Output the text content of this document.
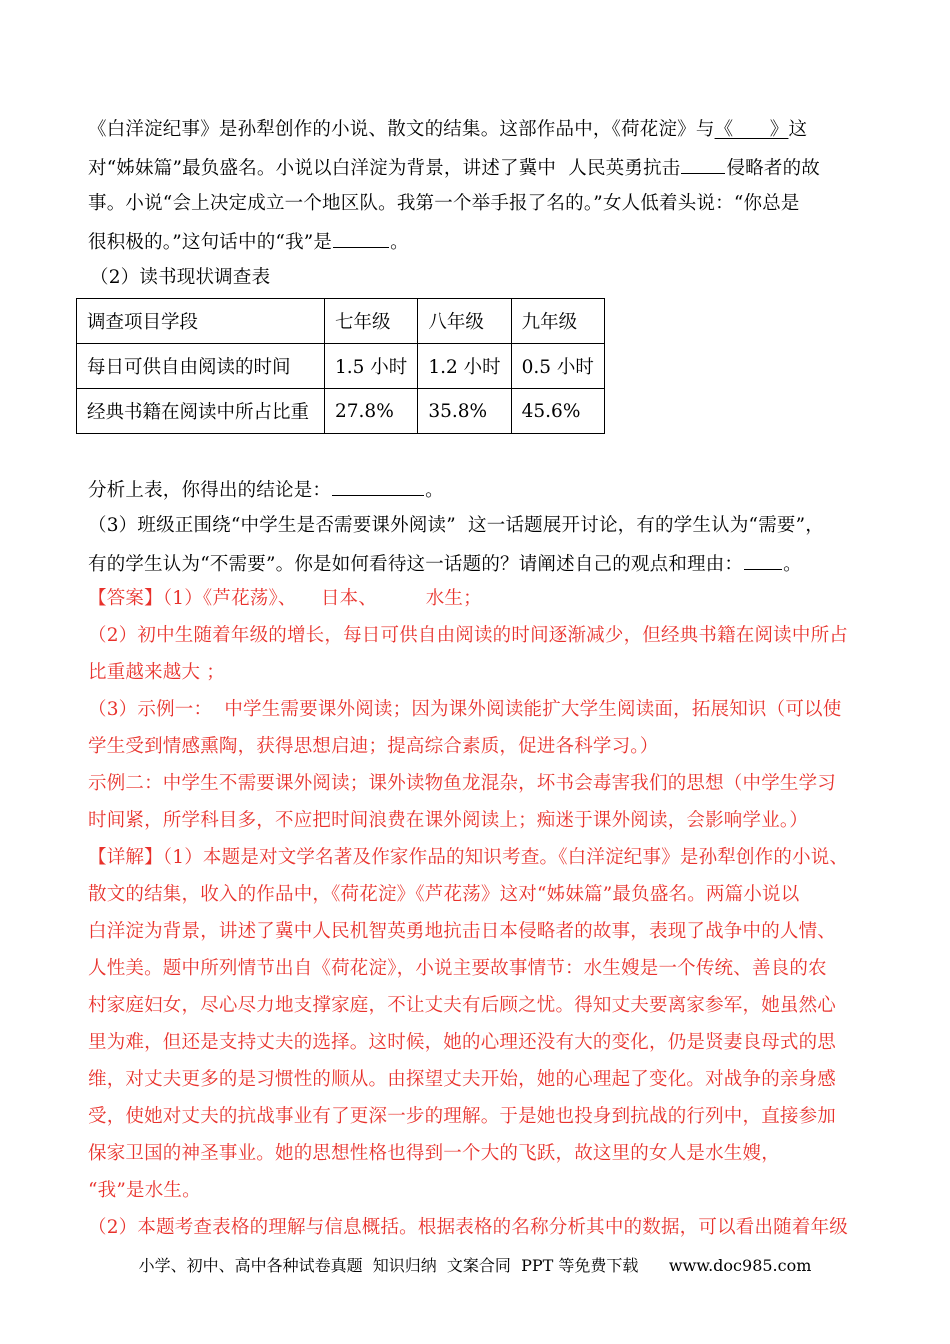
《白洋淀纪事》是孙犁创作的小说、散文的结集。这部作品中，《荷花淀》与《      》这
对“姊妹篇”最负盛名。小说以白洋淀为背景，讲述了冀中  人民英勇抗击 侵略者的故
事。小说“会上决定成立一个地区队。我第一个举手报了名的。”女人低着头说：“你总是
很积极的。”这句话中的“我”是	。
（2）读书现状调查表
调查项目学段	七年级	八年级	九年级
每日可供自由阅读的时间	1.5 小时	1.2 小时	0.5 小时
经典书籍在阅读中所占比重	27.8%	35.8%	45.6%
分析上表，你得出的结论是：	。
（3）班级正围绕“中学生是否需要课外阅读”  这一话题展开讨论，有的学生认为“需要”，
有的学生认为“不需要”。你是如何看待这一话题的？请阐述自己的观点和理由： 。
【答案】（1）《芦花荡》、    日本、        水生；
（2）初中生随着年级的增长，每日可供自由阅读的时间逐渐减少，但经典书籍在阅读中所占
比重越来越大 ；
（3）示例一：  中学生需要课外阅读；因为课外阅读能扩大学生阅读面，拓展知识（可以使
学生受到情感熏陶，获得思想启迪；提高综合素质，促进各科学习。）
示例二：中学生不需要课外阅读；课外读物鱼龙混杂，坏书会毒害我们的思想（中学生学习
时间紧，所学科目多，不应把时间浪费在课外阅读上；痴迷于课外阅读，会影响学业。）
【详解】（1）本题是对文学名著及作家作品的知识考查。《白洋淀纪事》是孙犁创作的小说、
散文的结集，收入的作品中，《荷花淀》《芦花荡》这对“姊妹篇”最负盛名。两篇小说以
白洋淀为背景，讲述了冀中人民机智英勇地抗击日本侵略者的故事，表现了战争中的人情、
人性美。题中所列情节出自《荷花淀》，小说主要故事情节：水生嫂是一个传统、善良的农
村家庭妇女，尽心尽力地支撑家庭，不让丈夫有后顾之忧。得知丈夫要离家参军，她虽然心
里为难，但还是支持丈夫的选择。这时候，她的心理还没有大的变化，仍是贤妻良母式的思
维，对丈夫更多的是习惯性的顺从。由探望丈夫开始，她的心理起了变化。对战争的亲身感
受，使她对丈夫的抗战事业有了更深一步的理解。于是她也投身到抗战的行列中，直接参加
保家卫国的神圣事业。她的思想性格也得到一个大的飞跃，故这里的女人是水生嫂，
“我”是水生。
（2）本题考查表格的理解与信息概括。根据表格的名称分析其中的数据，可以看出随着年级
小学、初中、高中各种试卷真题  知识归纳  文案合同  PPT 等免费下载      www.doc985.com
